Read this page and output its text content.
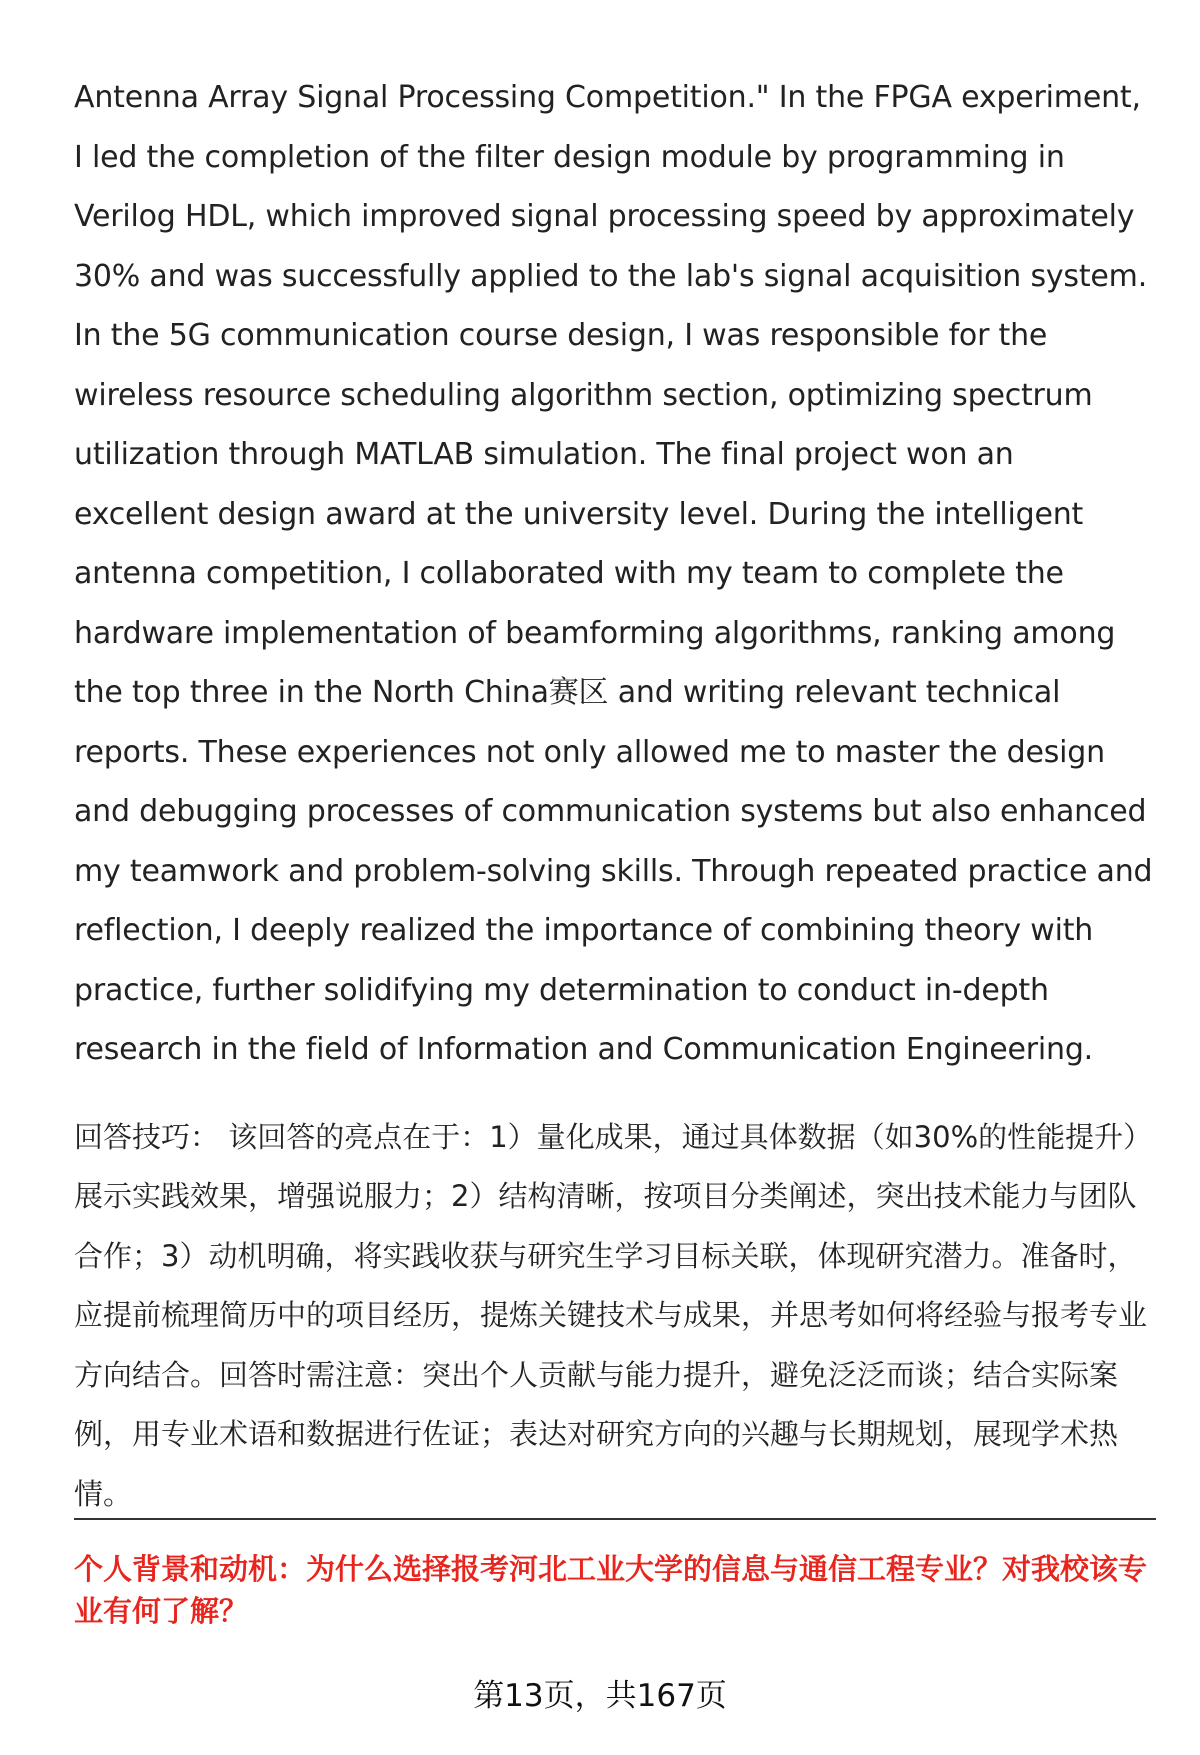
Antenna Array Signal Processing Competition." In the FPGA experiment, I led the completion of the filter design module by programming in Verilog HDL, which improved signal processing speed by approximately 30% and was successfully applied to the lab's signal acquisition system. In the 5G communication course design, I was responsible for the wireless resource scheduling algorithm section, optimizing spectrum utilization through MATLAB simulation. The final project won an excellent design award at the university level. During the intelligent antenna competition, I collaborated with my team to complete the hardware implementation of beamforming algorithms, ranking among the top three in the North China赛区 and writing relevant technical reports. These experiences not only allowed me to master the design and debugging processes of communication systems but also enhanced my teamwork and problem-solving skills. Through repeated practice and reflection, I deeply realized the importance of combining theory with practice, further solidifying my determination to conduct in-depth research in the field of Information and Communication Engineering.

回答技巧： 该回答的亮点在于：1）量化成果，通过具体数据（如30%的性能提升）展示实践效果，增强说服力；2）结构清晰，按项目分类阐述，突出技术能力与团队合作；3）动机明确，将实践收获与研究生学习目标关联，体现研究潜力。准备时，应提前梳理简历中的项目经历，提炼关键技术与成果，并思考如何将经验与报考专业方向结合。回答时需注意：突出个人贡献与能力提升，避免泛泛而谈；结合实际案例，用专业术语和数据进行佐证；表达对研究方向的兴趣与长期规划，展现学术热情。

个人背景和动机：为什么选择报考河北工业大学的信息与通信工程专业？对我校该专业有何了解？

第13页，共167页
